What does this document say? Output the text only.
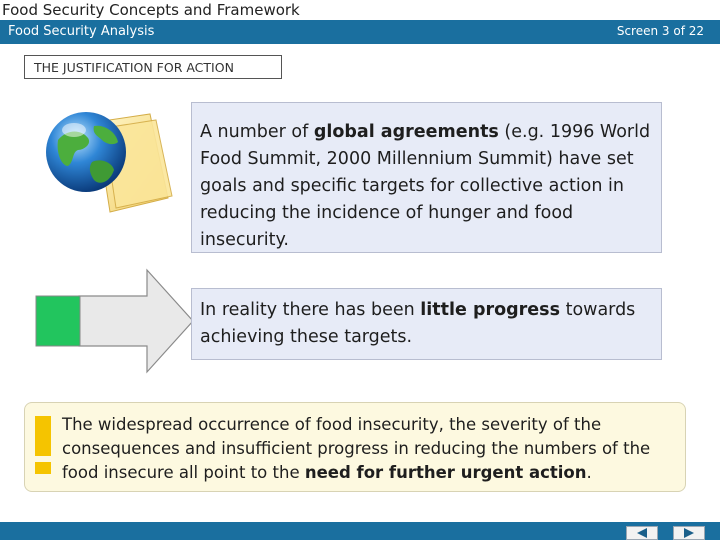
Food Security Concepts and Framework
Food Security Analysis	Screen 3 of 22
THE JUSTIFICATION FOR ACTION
A number of global agreements (e.g. 1996 World Food Summit, 2000 Millennium Summit) have set goals and specific targets for collective action in reducing the incidence of hunger and food insecurity.
In reality there has been little progress towards achieving these targets.
The widespread occurrence of food insecurity, the severity of the consequences and insufficient progress in reducing the numbers of the food insecure all point to the need for further urgent action.
